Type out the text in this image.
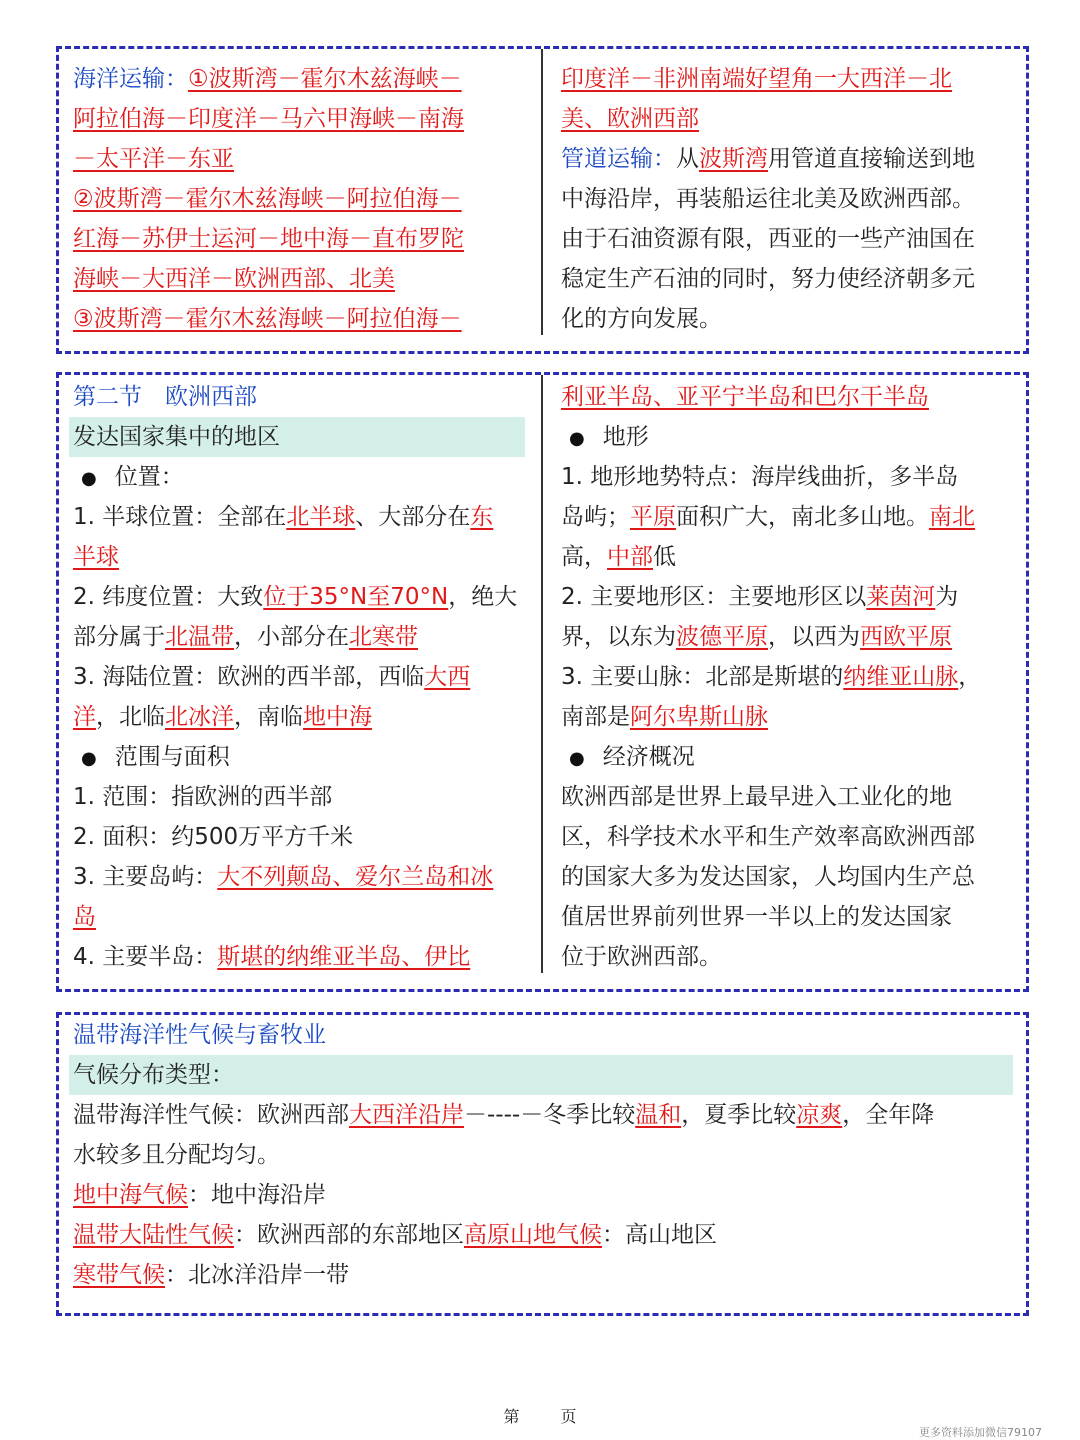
海洋运输：①波斯湾－霍尔木兹海峡－
阿拉伯海－印度洋－马六甲海峡－南海
－太平洋－东亚
②波斯湾－霍尔木兹海峡－阿拉伯海－
红海－苏伊士运河－地中海－直布罗陀
海峡－大西洋－欧洲西部、北美
③波斯湾－霍尔木兹海峡－阿拉伯海－
印度洋－非洲南端好望角一大西洋－北
美、欧洲西部
管道运输：从波斯湾用管道直接输送到地
中海沿岸，再装船运往北美及欧洲西部。
由于石油资源有限，西亚的一些产油国在
稳定生产石油的同时，努力使经济朝多元
化的方向发展。
第二节　欧洲西部
发达国家集中的地区
● 位置：
1. 半球位置：全部在北半球、大部分在东
半球
2. 纬度位置：大致位于35°N至70°N，绝大
部分属于北温带，小部分在北寒带
3. 海陆位置：欧洲的西半部，西临大西
洋，北临北冰洋，南临地中海
● 范围与面积
1. 范围：指欧洲的西半部
2. 面积：约500万平方千米
3. 主要岛屿：大不列颠岛、爱尔兰岛和冰
岛
4. 主要半岛：斯堪的纳维亚半岛、伊比
利亚半岛、亚平宁半岛和巴尔干半岛
● 地形
1. 地形地势特点：海岸线曲折，多半岛
岛屿；平原面积广大，南北多山地。南北
高，中部低
2. 主要地形区：主要地形区以莱茵河为
界，以东为波德平原，以西为西欧平原
3. 主要山脉：北部是斯堪的纳维亚山脉，
南部是阿尔卑斯山脉
● 经济概况
欧洲西部是世界上最早进入工业化的地
区，科学技术水平和生产效率高欧洲西部
的国家大多为发达国家，人均国内生产总
值居世界前列世界一半以上的发达国家
位于欧洲西部。
温带海洋性气候与畜牧业
气候分布类型：
温带海洋性气候：欧洲西部大西洋沿岸－----－冬季比较温和，夏季比较凉爽，全年降
水较多且分配均匀。
地中海气候：地中海沿岸
温带大陆性气候：欧洲西部的东部地区高原山地气候：高山地区
寒带气候：北冰洋沿岸一带
第 页
更多资料添加微信79107
